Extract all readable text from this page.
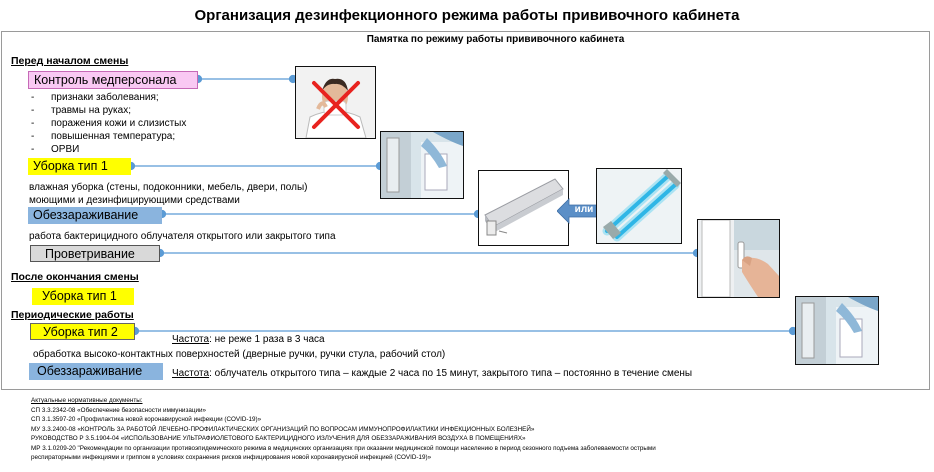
Организация дезинфекционного режима работы прививочного кабинета
Памятка по режиму работы прививочного кабинета
Перед началом смены
Контроль медперсонала
- признаки заболевания;
- травмы на руках;
- поражения кожи и слизистых
- повышенная температура;
- ОРВИ
Уборка тип 1
влажная уборка (стены, подоконники, мебель, двери, полы)
моющими и дезинфицирующими средствами
Обеззараживание
работа бактерицидного облучателя открытого или закрытого типа
Проветривание
После окончания смены
Уборка тип 1
Периодические работы
Уборка тип 2
Частота: не реже 1 раза в 3 часа
обработка высоко-контактных поверхностей (дверные ручки, ручки стула, рабочий стол)
Обеззараживание	Частота: облучатель открытого типа – каждые 2 часа по 15 минут, закрытого типа – постоянно в течение смены
или
Актуальные нормативные документы:
СП 3.3.2342-08 «Обеспечение безопасности иммунизации»
СП 3.1.3597-20 «Профилактика новой коронавирусной инфекции (COVID-19)»
МУ 3.3.2400-08 «КОНТРОЛЬ ЗА РАБОТОЙ ЛЕЧЕБНО-ПРОФИЛАКТИЧЕСКИХ ОРГАНИЗАЦИЙ ПО ВОПРОСАМ ИММУНОПРОФИЛАКТИКИ ИНФЕКЦИОННЫХ БОЛЕЗНЕЙ»
РУКОВОДСТВО Р 3.5.1904-04 «ИСПОЛЬЗОВАНИЕ УЛЬТРАФИОЛЕТОВОГО БАКТЕРИЦИДНОГО ИЗЛУЧЕНИЯ ДЛЯ ОБЕЗЗАРАЖИВАНИЯ ВОЗДУХА В ПОМЕЩЕНИЯХ»
МР 3.1.0209-20 "Рекомендации по организации противоэпидемического режима в медицинских организациях при оказании медицинской помощи населению в период сезонного подъема заболеваемости острыми
респираторными инфекциями и гриппом в условиях сохранения рисков инфицирования новой коронавирусной инфекцией (COVID-19)»
